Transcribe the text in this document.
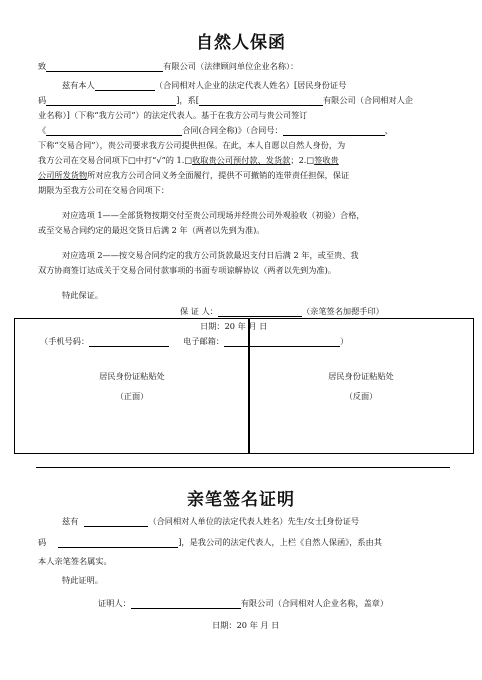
自然人保函
致	有限公司（法律顾问单位企业名称）：
兹有本人	（合同相对人企业的法定代表人姓名）[居民身份证号
码	]，系[	有限公司（合同相对人企
业名称）]（下称“我方公司”）的法定代表人。基于在我方公司与贵公司签订
《	合同(合同全称)》（合同号：	，
下称“交易合同”），贵公司要求我方公司提供担保。在此，本人自愿以自然人身份，为
我方公司在交易合同项下□中打“√”的 1.□收取贵公司预付款、发货款；2.□签收贵
公司所发货物所对应我方公司合同义务全面履行，提供不可撤销的连带责任担保，保证
期限为至我方公司在交易合同项下：
对应选项 1——全部货物按期交付至贵公司现场并经贵公司外观验收（初验）合格，
或至交易合同约定的最迟交货日后满 2 年（两者以先到为准)。
对应选项 2——按交易合同约定的我方公司货款最迟支付日后满 2 年，或至贵、我
双方协商签订达成关于交易合同付款事项的书面专项谅解协议（两者以先到为准)。
特此保证。
保 证 人：	（亲笔签名加摁手印）
日期：20 年 月 日
（手机号码：	电子邮箱：	）
居民身份证粘贴处
（正面）
居民身份证粘贴处
（反面）
亲笔签名证明
兹有	（合同相对人单位的法定代表人姓名）先生/女士[身份证号
码	]，是我公司的法定代表人，上栏《自然人保函》，系由其
本人亲笔签名属实。
特此证明。
证明人：	有限公司（合同相对人企业名称，盖章）
日期：20 年 月 日
